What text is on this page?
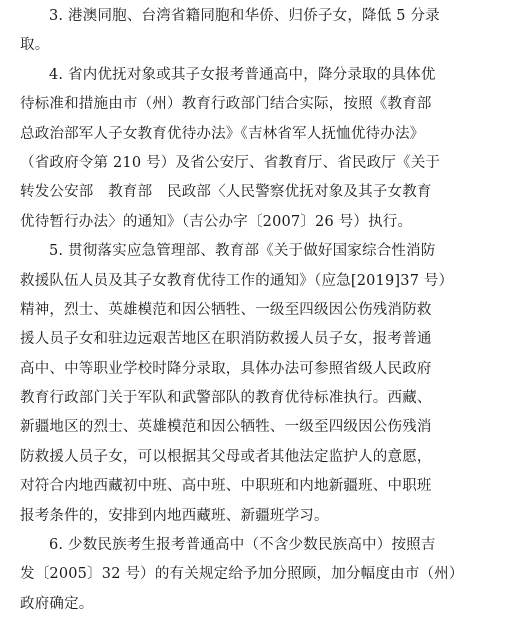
3. 港澳同胞、台湾省籍同胞和华侨、归侨子女，降低 5 分录
取。
4. 省内优抚对象或其子女报考普通高中，降分录取的具体优
待标准和措施由市（州）教育行政部门结合实际，按照《教育部
总政治部军人子女教育优待办法》《吉林省军人抚恤优待办法》
（省政府令第 210 号）及省公安厅、省教育厅、省民政厅《关于
转发公安部　教育部　民政部〈人民警察优抚对象及其子女教育
优待暂行办法〉的通知》（吉公办字〔2007〕26 号）执行。
5. 贯彻落实应急管理部、教育部《关于做好国家综合性消防
救援队伍人员及其子女教育优待工作的通知》（应急[2019]37 号）
精神，烈士、英雄模范和因公牺牲、一级至四级因公伤残消防救
援人员子女和驻边远艰苦地区在职消防救援人员子女，报考普通
高中、中等职业学校时降分录取，具体办法可参照省级人民政府
教育行政部门关于军队和武警部队的教育优待标准执行。西藏、
新疆地区的烈士、英雄模范和因公牺牲、一级至四级因公伤残消
防救援人员子女，可以根据其父母或者其他法定监护人的意愿，
对符合内地西藏初中班、高中班、中职班和内地新疆班、中职班
报考条件的，安排到内地西藏班、新疆班学习。
6. 少数民族考生报考普通高中（不含少数民族高中）按照吉
发〔2005〕32 号）的有关规定给予加分照顾，加分幅度由市（州）
政府确定。
